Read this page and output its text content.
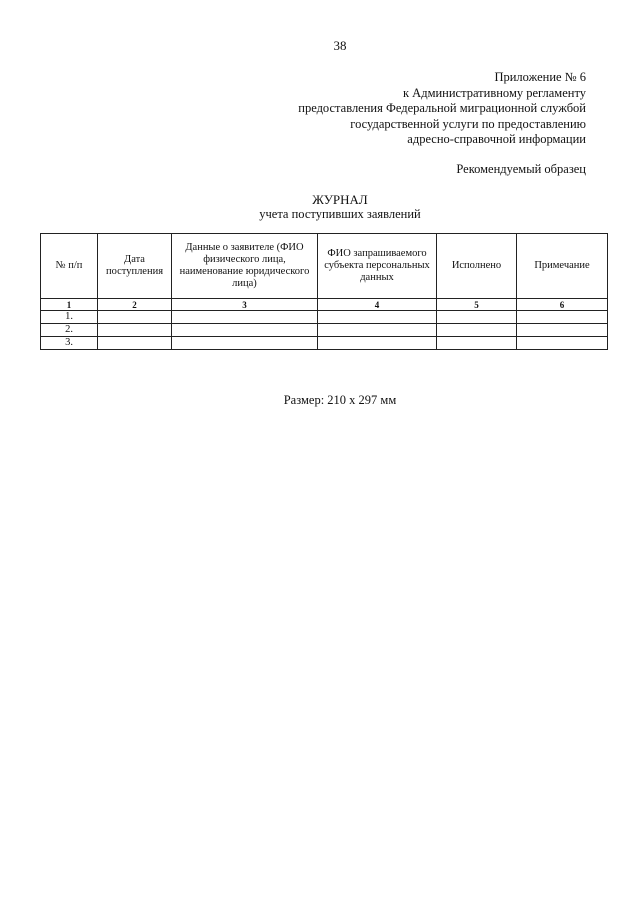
38
Приложение № 6
к Административному регламенту
предоставления Федеральной миграционной службой
государственной услуги по предоставлению
адресно-справочной информации
Рекомендуемый образец
ЖУРНАЛ
учета поступивших заявлений
№ п/п	Дата поступления	Данные о заявителе (ФИО физического лица, наименование юридического лица)	ФИО запрашиваемого субъекта персональных данных	Исполнено	Примечание
1	2	3	4	5	6
1.					
2.					
3.					
Размер: 210 х 297 мм
